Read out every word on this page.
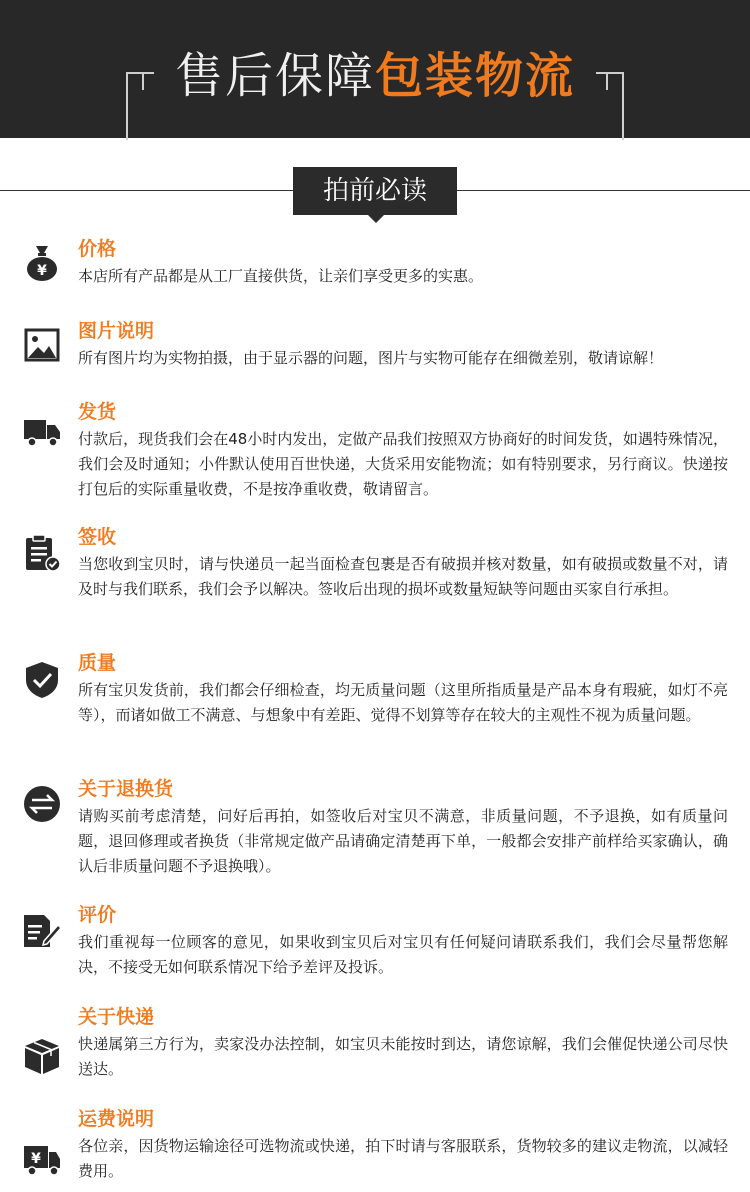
售后保障包装物流
拍前必读
¥
价格
本店所有产品都是从工厂直接供货，让亲们享受更多的实惠。
图片说明
所有图片均为实物拍摄，由于显示器的问题，图片与实物可能存在细微差别，敬请谅解！
发货
付款后，现货我们会在48小时内发出，定做产品我们按照双方协商好的时间发货，如遇特殊情况，我们会及时通知；小件默认使用百世快递，大货采用安能物流；如有特别要求，另行商议。快递按打包后的实际重量收费，不是按净重收费，敬请留言。
签收
当您收到宝贝时，请与快递员一起当面检查包裹是否有破损并核对数量，如有破损或数量不对，请及时与我们联系，我们会予以解决。签收后出现的损坏或数量短缺等问题由买家自行承担。
质量
所有宝贝发货前，我们都会仔细检查，均无质量问题（这里所指质量是产品本身有瑕疵，如灯不亮等），而诸如做工不满意、与想象中有差距、觉得不划算等存在较大的主观性不视为质量问题。
关于退换货
请购买前考虑清楚，问好后再拍，如签收后对宝贝不满意，非质量问题，不予退换，如有质量问题，退回修理或者换货（非常规定做产品请确定清楚再下单，一般都会安排产前样给买家确认，确认后非质量问题不予退换哦）。
评价
我们重视每一位顾客的意见，如果收到宝贝后对宝贝有任何疑问请联系我们，我们会尽量帮您解决，不接受无如何联系情况下给予差评及投诉。
关于快递
快递属第三方行为，卖家没办法控制，如宝贝未能按时到达，请您谅解，我们会催促快递公司尽快送达。
¥
运费说明
各位亲，因货物运输途径可选物流或快递，拍下时请与客服联系，货物较多的建议走物流，以减轻费用。
